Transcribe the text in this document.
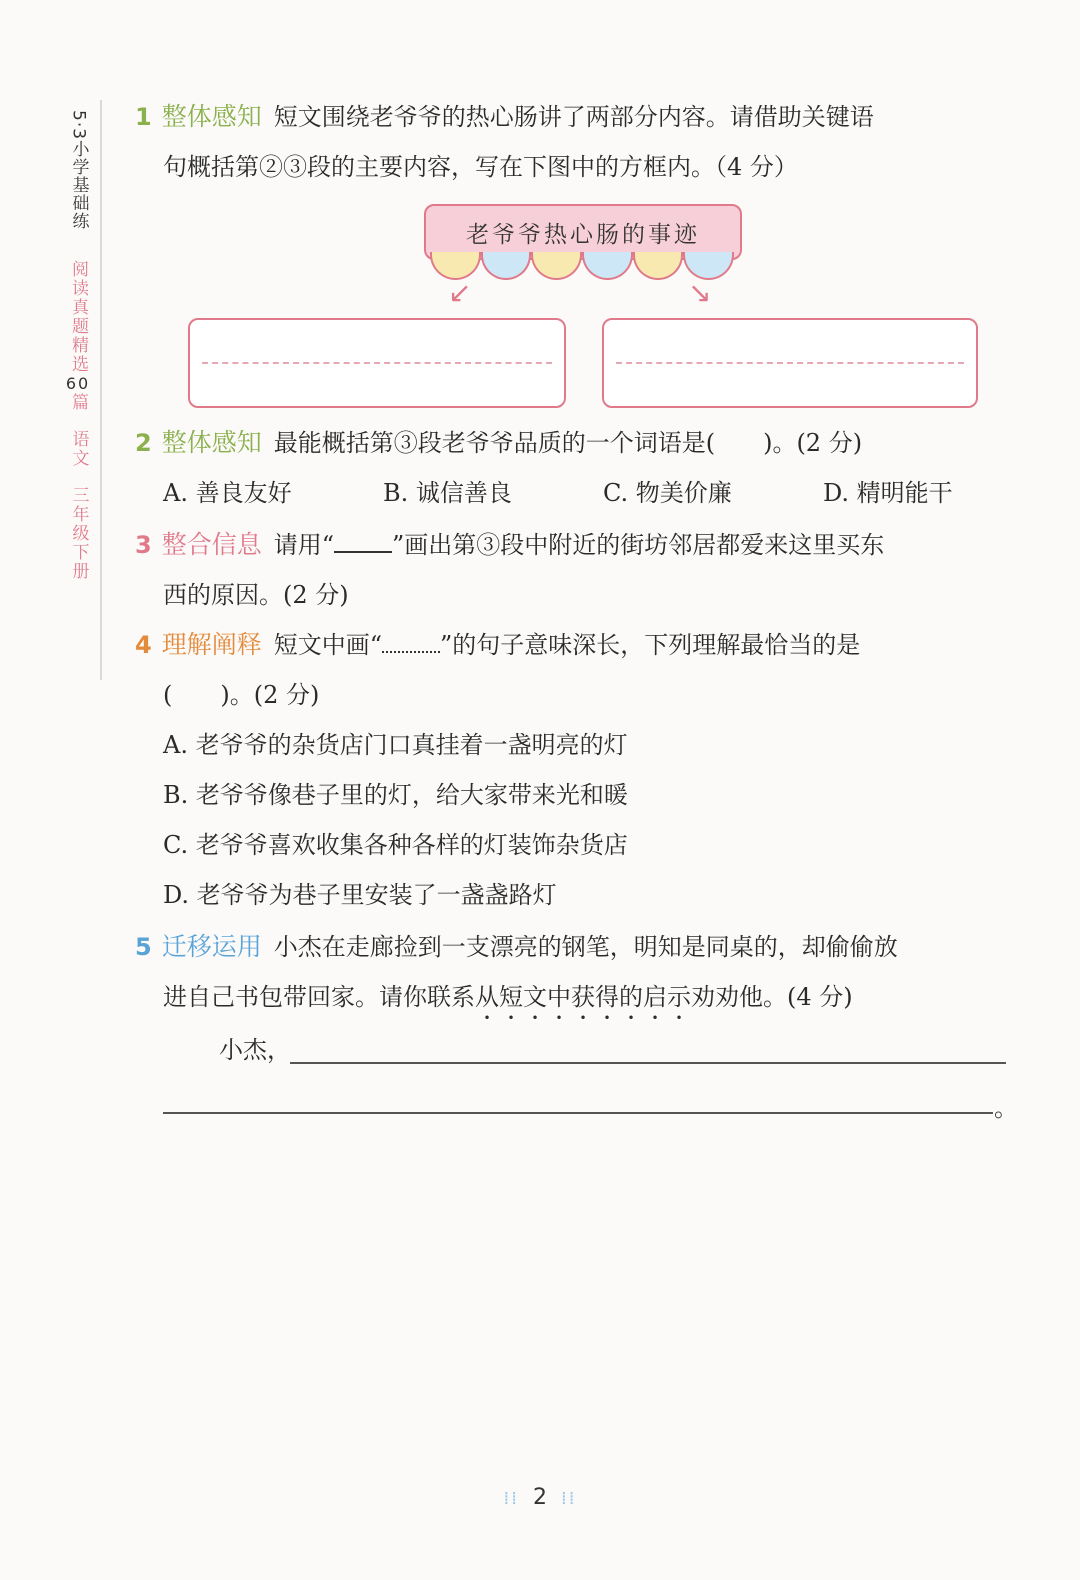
5·3小学基础练
阅读真题精选60篇
语文
三年级下册
1 整体感知 短文围绕老爷爷的热心肠讲了两部分内容。请借助关键语
句概括第②③段的主要内容，写在下图中的方框内。（4 分）
老爷爷热心肠的事迹
↙	↘
2 整体感知 最能概括第③段老爷爷品质的一个词语是(　　)。(2 分)
A. 善良友好	B. 诚信善良	C. 物美价廉	D. 精明能干
3 整合信息 请用“ ”画出第③段中附近的街坊邻居都爱来这里买东
西的原因。(2 分)
4 理解阐释 短文中画“ ”的句子意味深长，下列理解最恰当的是
(　　)。(2 分)
A. 老爷爷的杂货店门口真挂着一盏明亮的灯
B. 老爷爷像巷子里的灯，给大家带来光和暖
C. 老爷爷喜欢收集各种各样的灯装饰杂货店
D. 老爷爷为巷子里安装了一盏盏路灯
5 迁移运用 小杰在走廊捡到一支漂亮的钢笔，明知是同桌的，却偷偷放
进自己书包带回家。请你联系从短文中获得的启示劝劝他。(4 分)
小杰，
。
⁞⁞ 2 ⁞⁞
